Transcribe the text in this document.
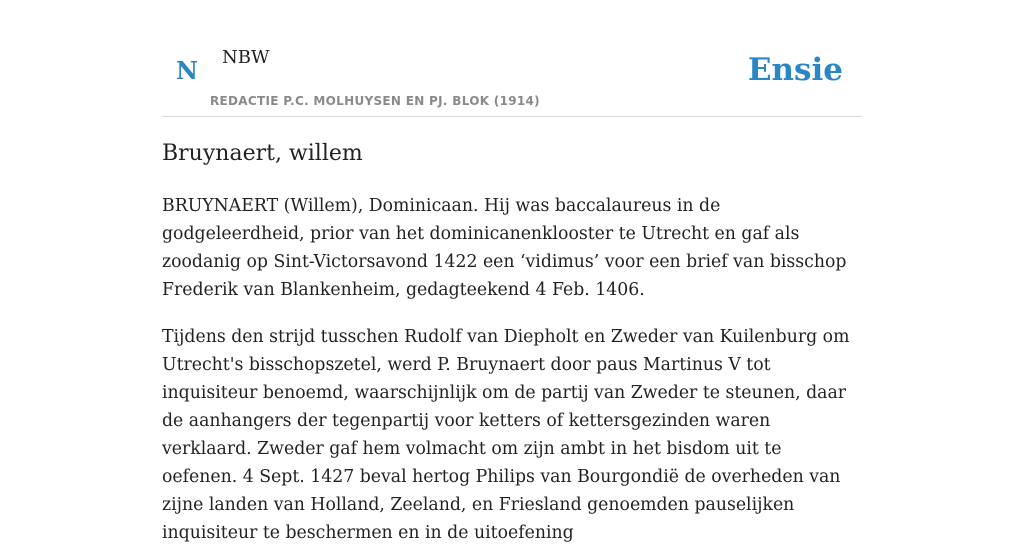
N NBW
REDACTIE P.C. MOLHUYSEN EN PJ. BLOK (1914)
Ensie
Bruynaert, willem

BRUYNAERT (Willem), Dominicaan. Hij was baccalaureus in de godgeleerdheid, prior van het dominicanenklooster te Utrecht en gaf als zoodanig op Sint-Victorsavond 1422 een ‘vidimus’ voor een brief van bisschop Frederik van Blankenheim, gedagteekend 4 Feb. 1406.

Tijdens den strijd tusschen Rudolf van Diepholt en Zweder van Kuilenburg om Utrecht's bisschopszetel, werd P. Bruynaert door paus Martinus V tot inquisiteur benoemd, waarschijnlijk om de partij van Zweder te steunen, daar de aanhangers der tegenpartij voor ketters of kettersgezinden waren verklaard. Zweder gaf hem volmacht om zijn ambt in het bisdom uit te oefenen. 4 Sept. 1427 beval hertog Philips van Bourgondië de overheden van zijne landen van Holland, Zeeland, en Friesland genoemden pauselijken inquisiteur te beschermen en in de uitoefening
